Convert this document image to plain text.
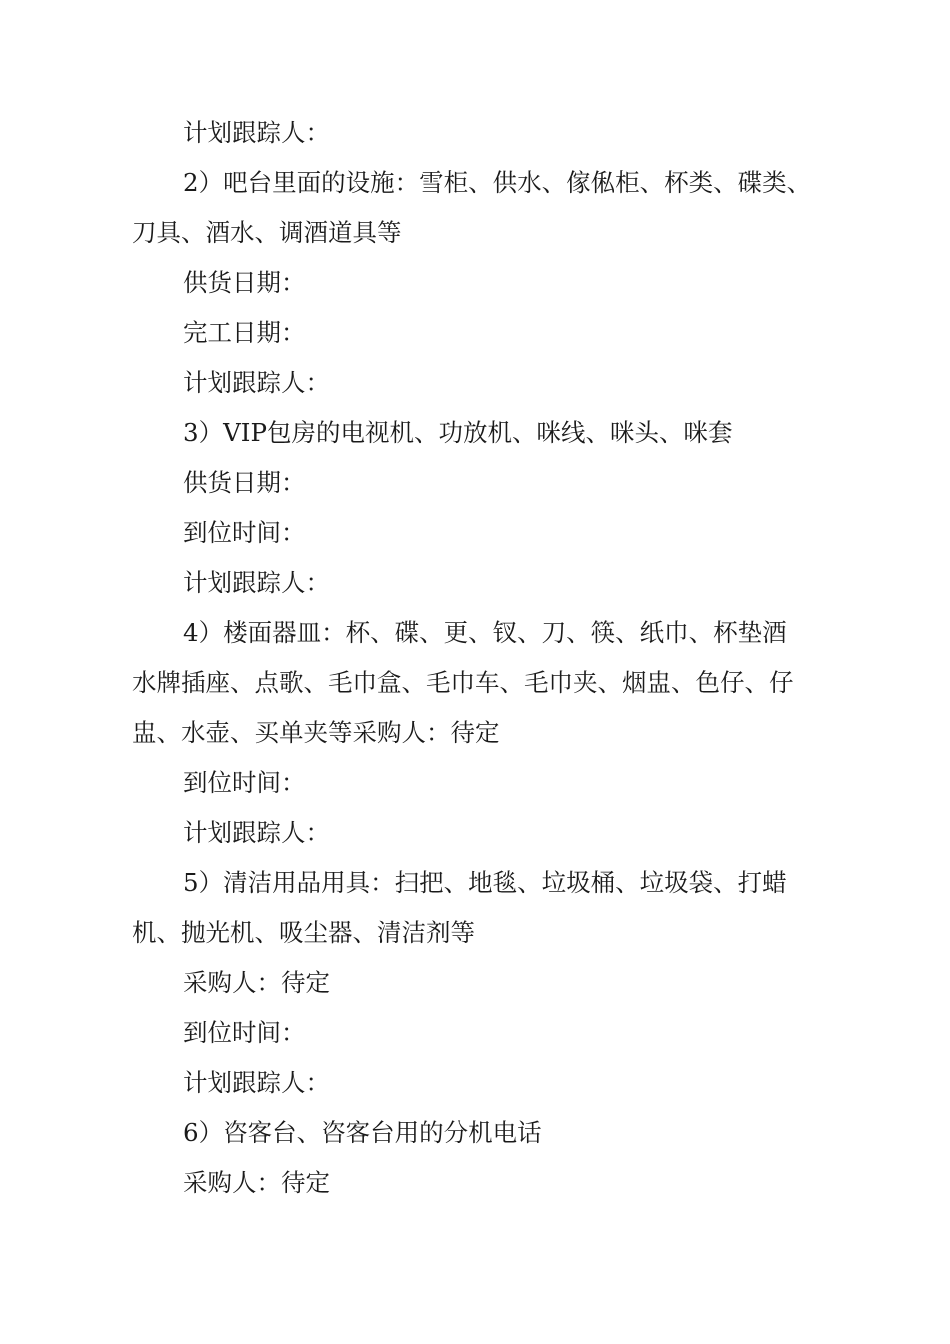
计划跟踪人：
2）吧台里面的设施：雪柜、供水、傢俬柜、杯类、碟类、
刀具、酒水、调酒道具等
供货日期：
完工日期：
计划跟踪人：
3）VIP包房的电视机、功放机、咪线、咪头、咪套
供货日期：
到位时间：
计划跟踪人：
4）楼面器皿：杯、碟、更、钗、刀、筷、纸巾、杯垫酒
水牌插座、点歌、毛巾盒、毛巾车、毛巾夹、烟盅、色仔、仔
盅、水壶、买单夹等采购人：待定
到位时间：
计划跟踪人：
5）清洁用品用具：扫把、地毯、垃圾桶、垃圾袋、打蜡
机、抛光机、吸尘器、清洁剂等
采购人：待定
到位时间：
计划跟踪人：
6）咨客台、咨客台用的分机电话
采购人：待定
